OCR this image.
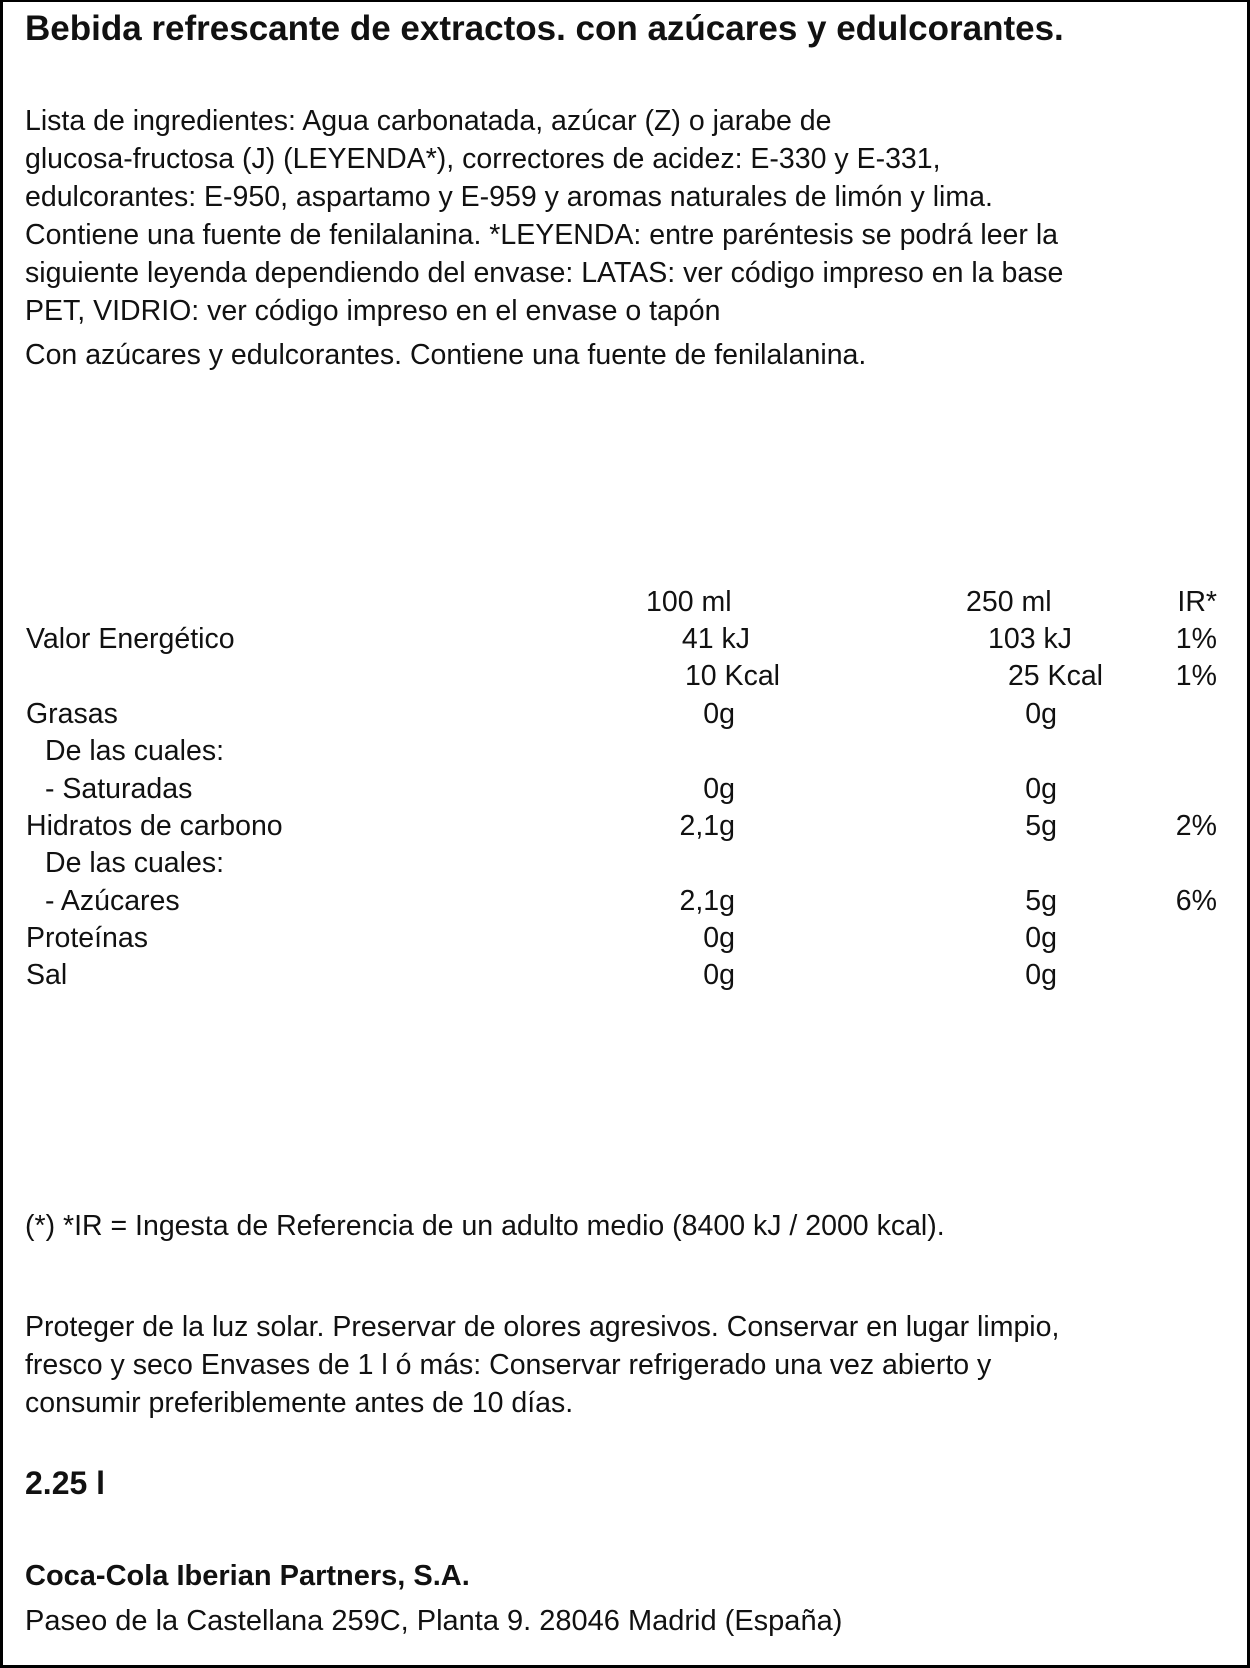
Bebida refrescante de extractos. con azúcares y edulcorantes.
Lista de ingredientes: Agua carbonatada, azúcar (Z) o jarabe de
glucosa-fructosa (J) (LEYENDA*), correctores de acidez: E-330 y E-331,
edulcorantes: E-950, aspartamo y E-959 y aromas naturales de limón y lima.
Contiene una fuente de fenilalanina. *LEYENDA: entre paréntesis se podrá leer la
siguiente leyenda dependiendo del envase: LATAS: ver código impreso en la base
PET, VIDRIO: ver código impreso en el envase o tapón
Con azúcares y edulcorantes. Contiene una fuente de fenilalanina.
100 ml	250 ml	IR*
Valor Energético	41 kJ	103 kJ	1%
10 Kcal	25 Kcal	1%
Grasas	0g	0g
De las cuales:
- Saturadas	0g	0g
Hidratos de carbono	2,1g	5g	2%
De las cuales:
- Azúcares	2,1g	5g	6%
Proteínas	0g	0g
Sal	0g	0g
(*) *IR = Ingesta de Referencia de un adulto medio (8400 kJ / 2000 kcal).
Proteger de la luz solar. Preservar de olores agresivos. Conservar en lugar limpio,
fresco y seco Envases de 1 l ó más: Conservar refrigerado una vez abierto y
consumir preferiblemente antes de 10 días.
2.25 l
Coca-Cola Iberian Partners, S.A.
Paseo de la Castellana 259C, Planta 9. 28046 Madrid (España)
